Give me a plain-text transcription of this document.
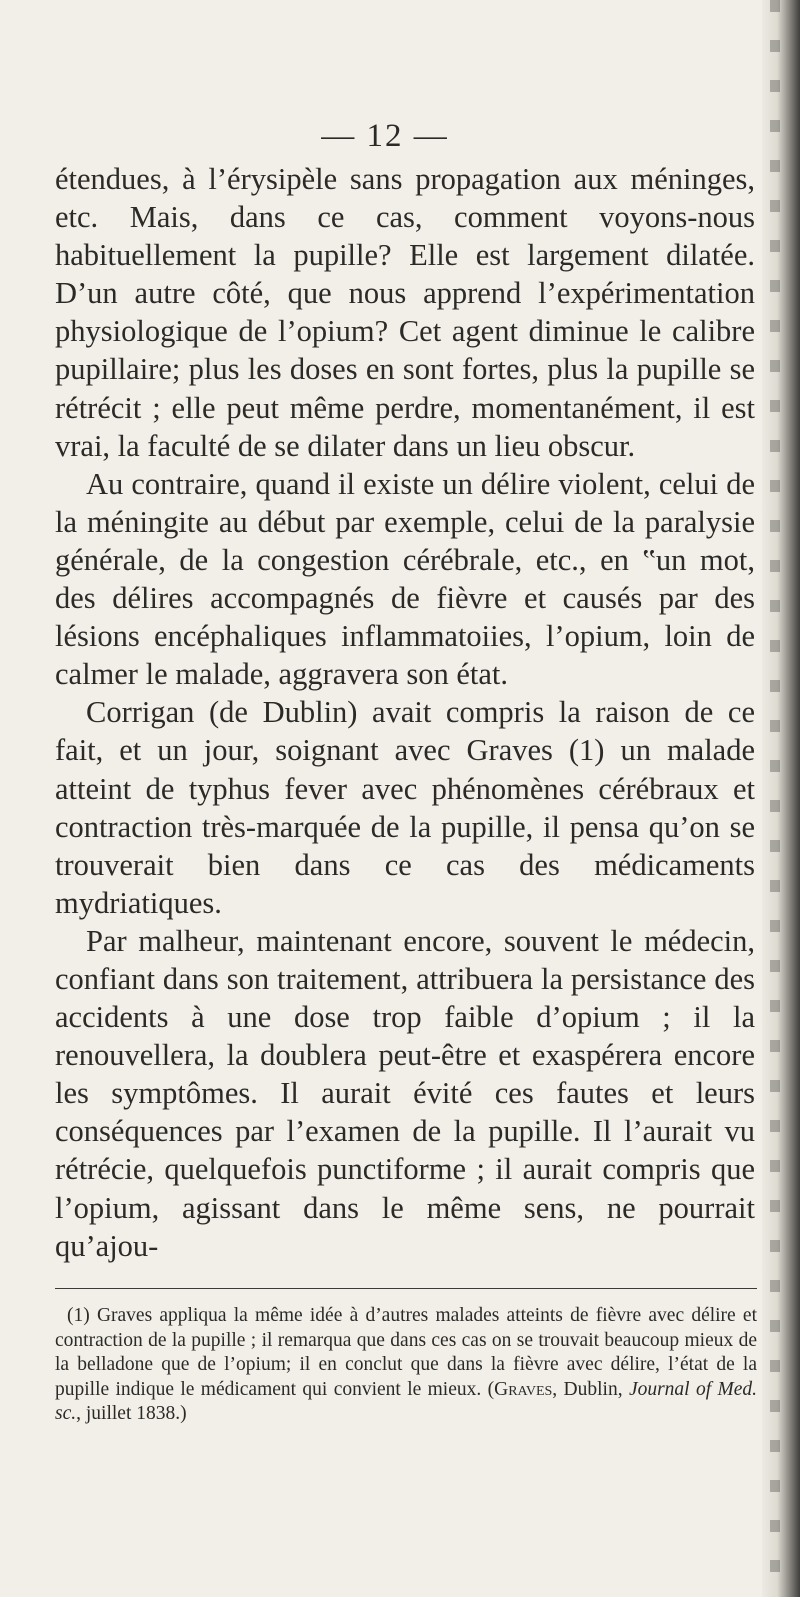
— 12 —

étendues, à l’érysipèle sans propagation aux méninges, etc. Mais, dans ce cas, comment voyons-nous habituellement la pupille? Elle est largement dilatée. D’un autre côté, que nous apprend l’expérimentation physiologique de l’opium? Cet agent diminue le calibre pupillaire; plus les doses en sont fortes, plus la pupille se rétrécit ; elle peut même perdre, momentanément, il est vrai, la faculté de se dilater dans un lieu obscur.

Au contraire, quand il existe un délire violent, celui de la méningite au début par exemple, celui de la paralysie générale, de la congestion cérébrale, etc., en ‟un mot, des délires accompagnés de fièvre et causés par des lésions encéphaliques inflammatoiies, l’opium, loin de calmer le malade, aggravera son état.

Corrigan (de Dublin) avait compris la raison de ce fait, et un jour, soignant avec Graves (1) un malade atteint de typhus fever avec phénomènes cérébraux et contraction très-marquée de la pupille, il pensa qu’on se trouverait bien dans ce cas des médicaments mydriatiques.

Par malheur, maintenant encore, souvent le médecin, confiant dans son traitement, attribuera la persistance des accidents à une dose trop faible d’opium ; il la renouvellera, la doublera peut-être et exaspérera encore les symptômes. Il aurait évité ces fautes et leurs conséquences par l’examen de la pupille. Il l’aurait vu rétrécie, quelquefois punctiforme ; il aurait compris que l’opium, agissant dans le même sens, ne pourrait qu’ajou-

(1) Graves appliqua la même idée à d’autres malades atteints de fièvre avec délire et contraction de la pupille ; il remarqua que dans ces cas on se trouvait beaucoup mieux de la belladone que de l’opium; il en conclut que dans la fièvre avec délire, l’état de la pupille indique le médicament qui convient le mieux. (Graves, Dublin, Journal of Med. sc., juillet 1838.)
